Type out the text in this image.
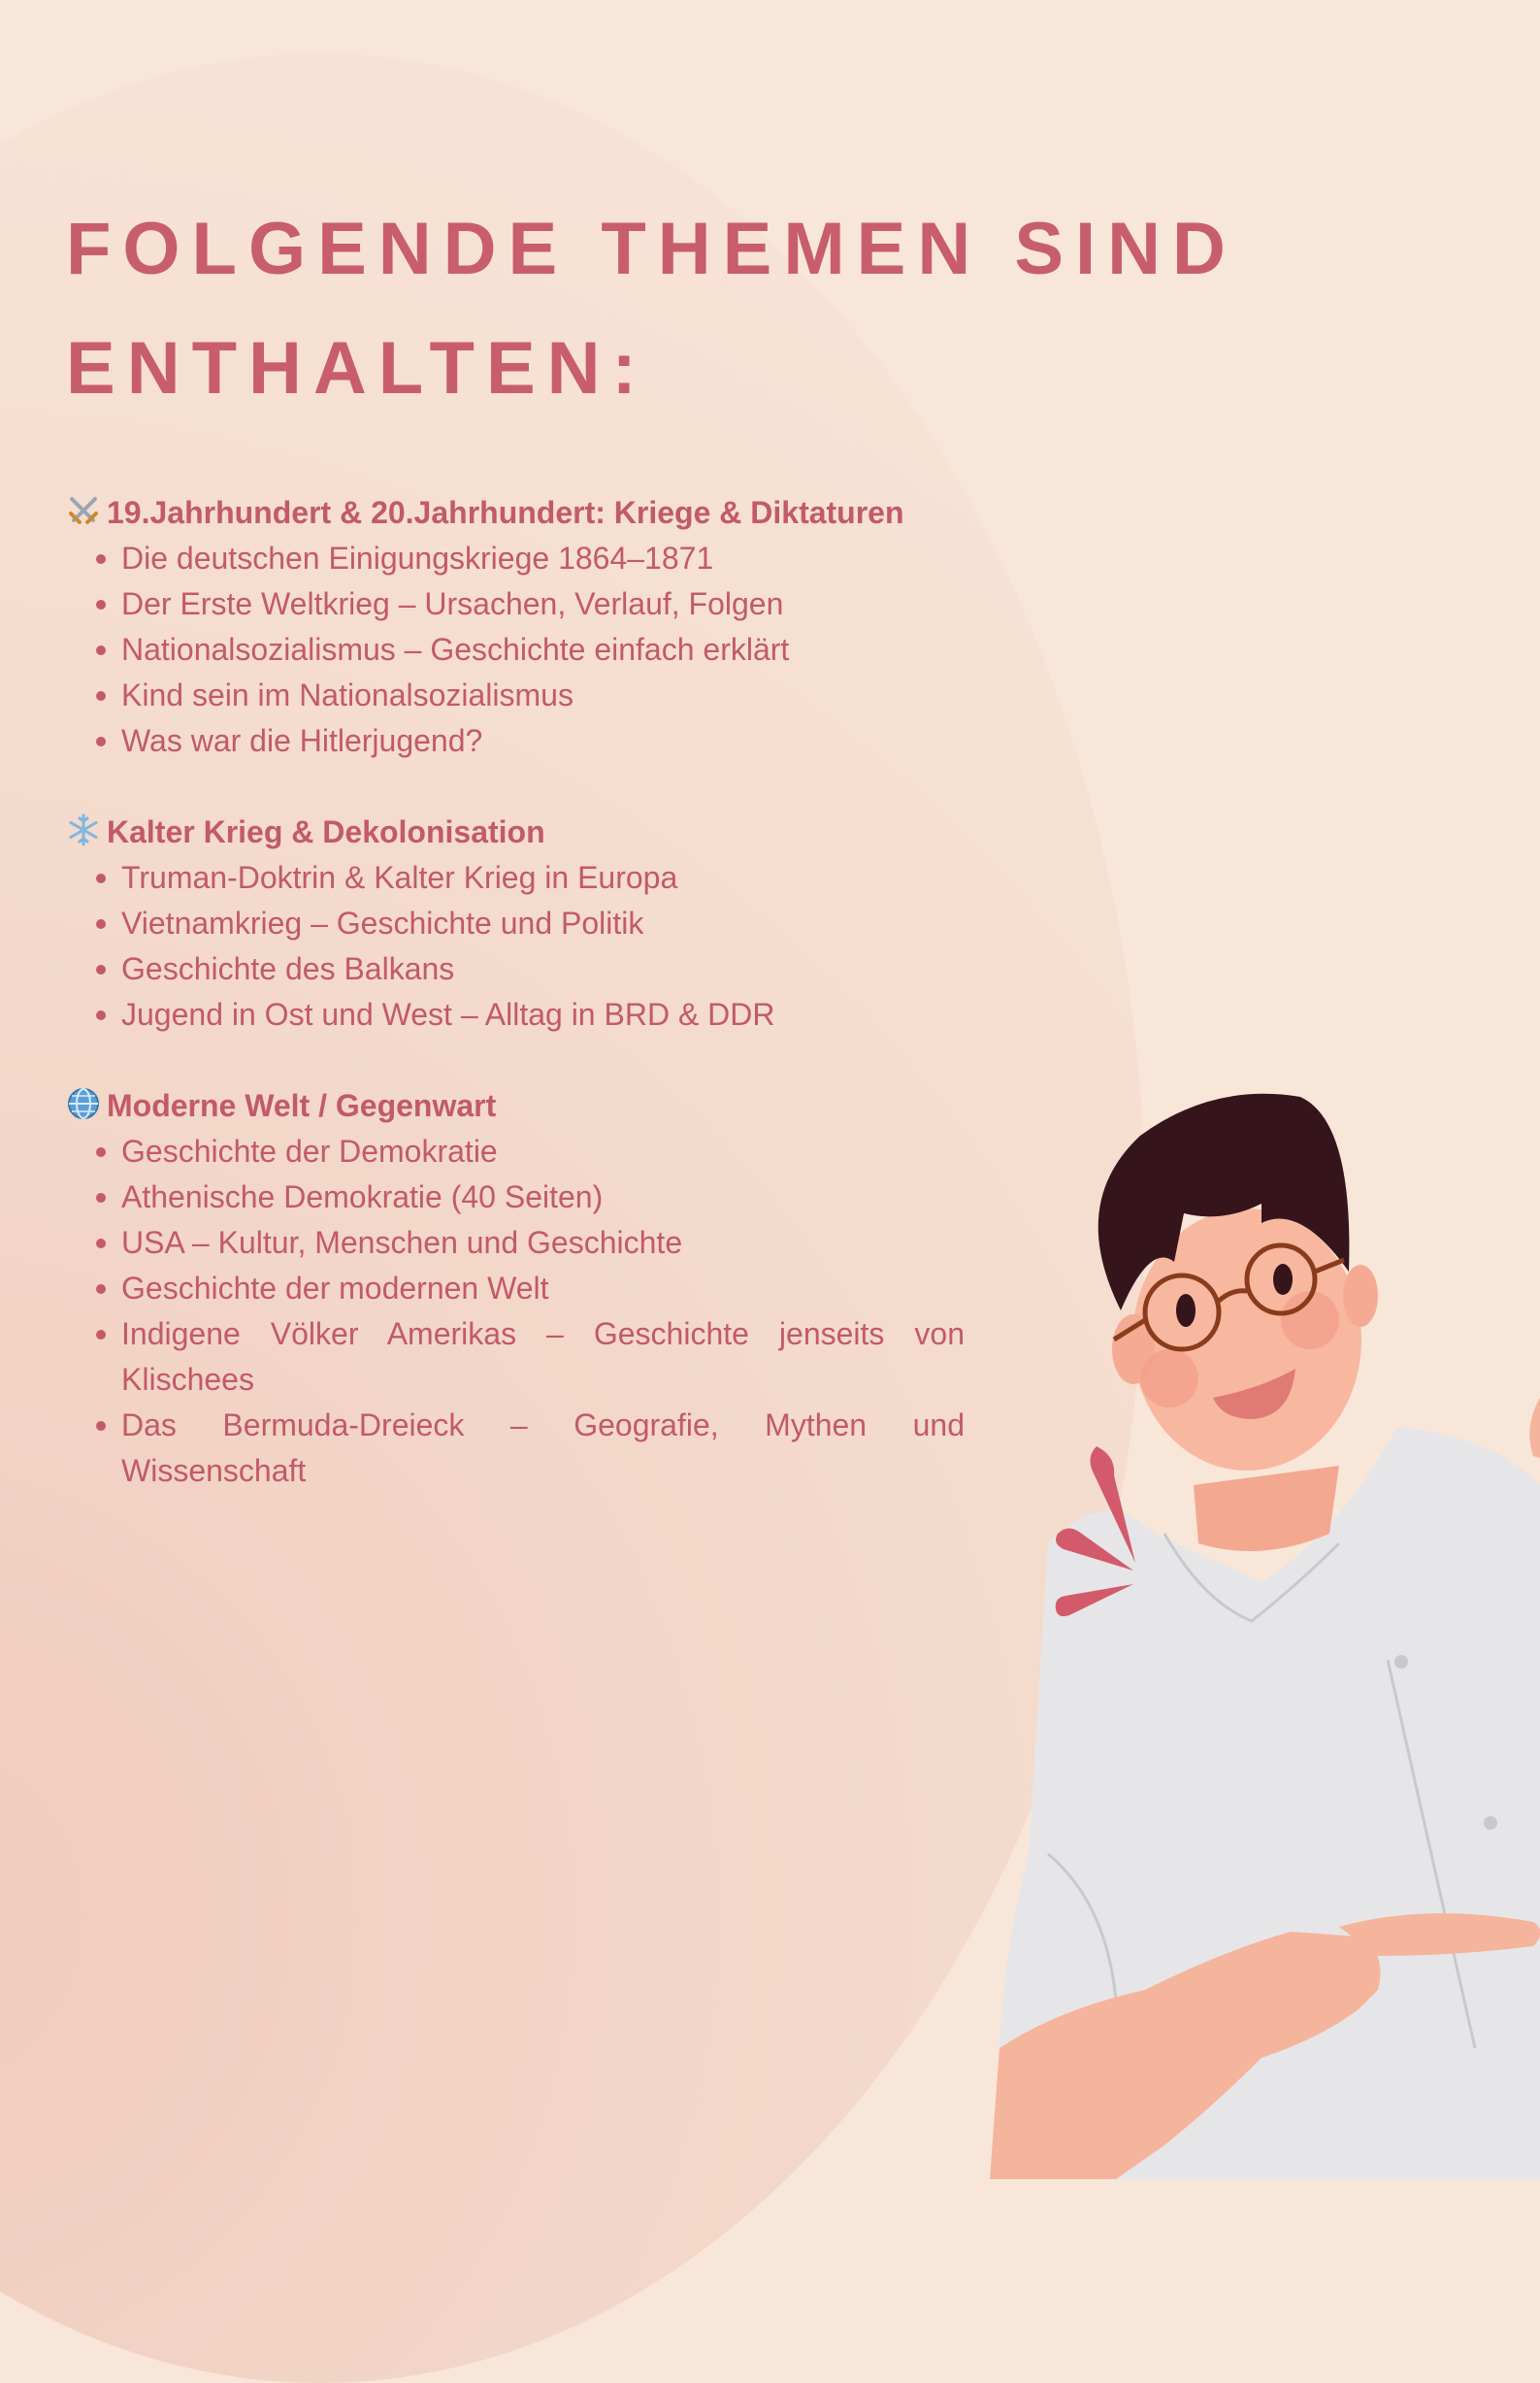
FOLGENDE THEMEN SIND ENTHALTEN:
19.Jahrhundert & 20.Jahrhundert: Kriege & Diktaturen
Die deutschen Einigungskriege 1864–1871
Der Erste Weltkrieg – Ursachen, Verlauf, Folgen
Nationalsozialismus – Geschichte einfach erklärt
Kind sein im Nationalsozialismus
Was war die Hitlerjugend?
Kalter Krieg & Dekolonisation
Truman-Doktrin & Kalter Krieg in Europa
Vietnamkrieg – Geschichte und Politik
Geschichte des Balkans
Jugend in Ost und West – Alltag in BRD & DDR
Moderne Welt / Gegenwart
Geschichte der Demokratie
Athenische Demokratie (40 Seiten)
USA – Kultur, Menschen und Geschichte
Geschichte der modernen Welt
Indigene Völker Amerikas – Geschichte jenseits von Klischees
Das Bermuda-Dreieck – Geografie, Mythen und Wissenschaft
